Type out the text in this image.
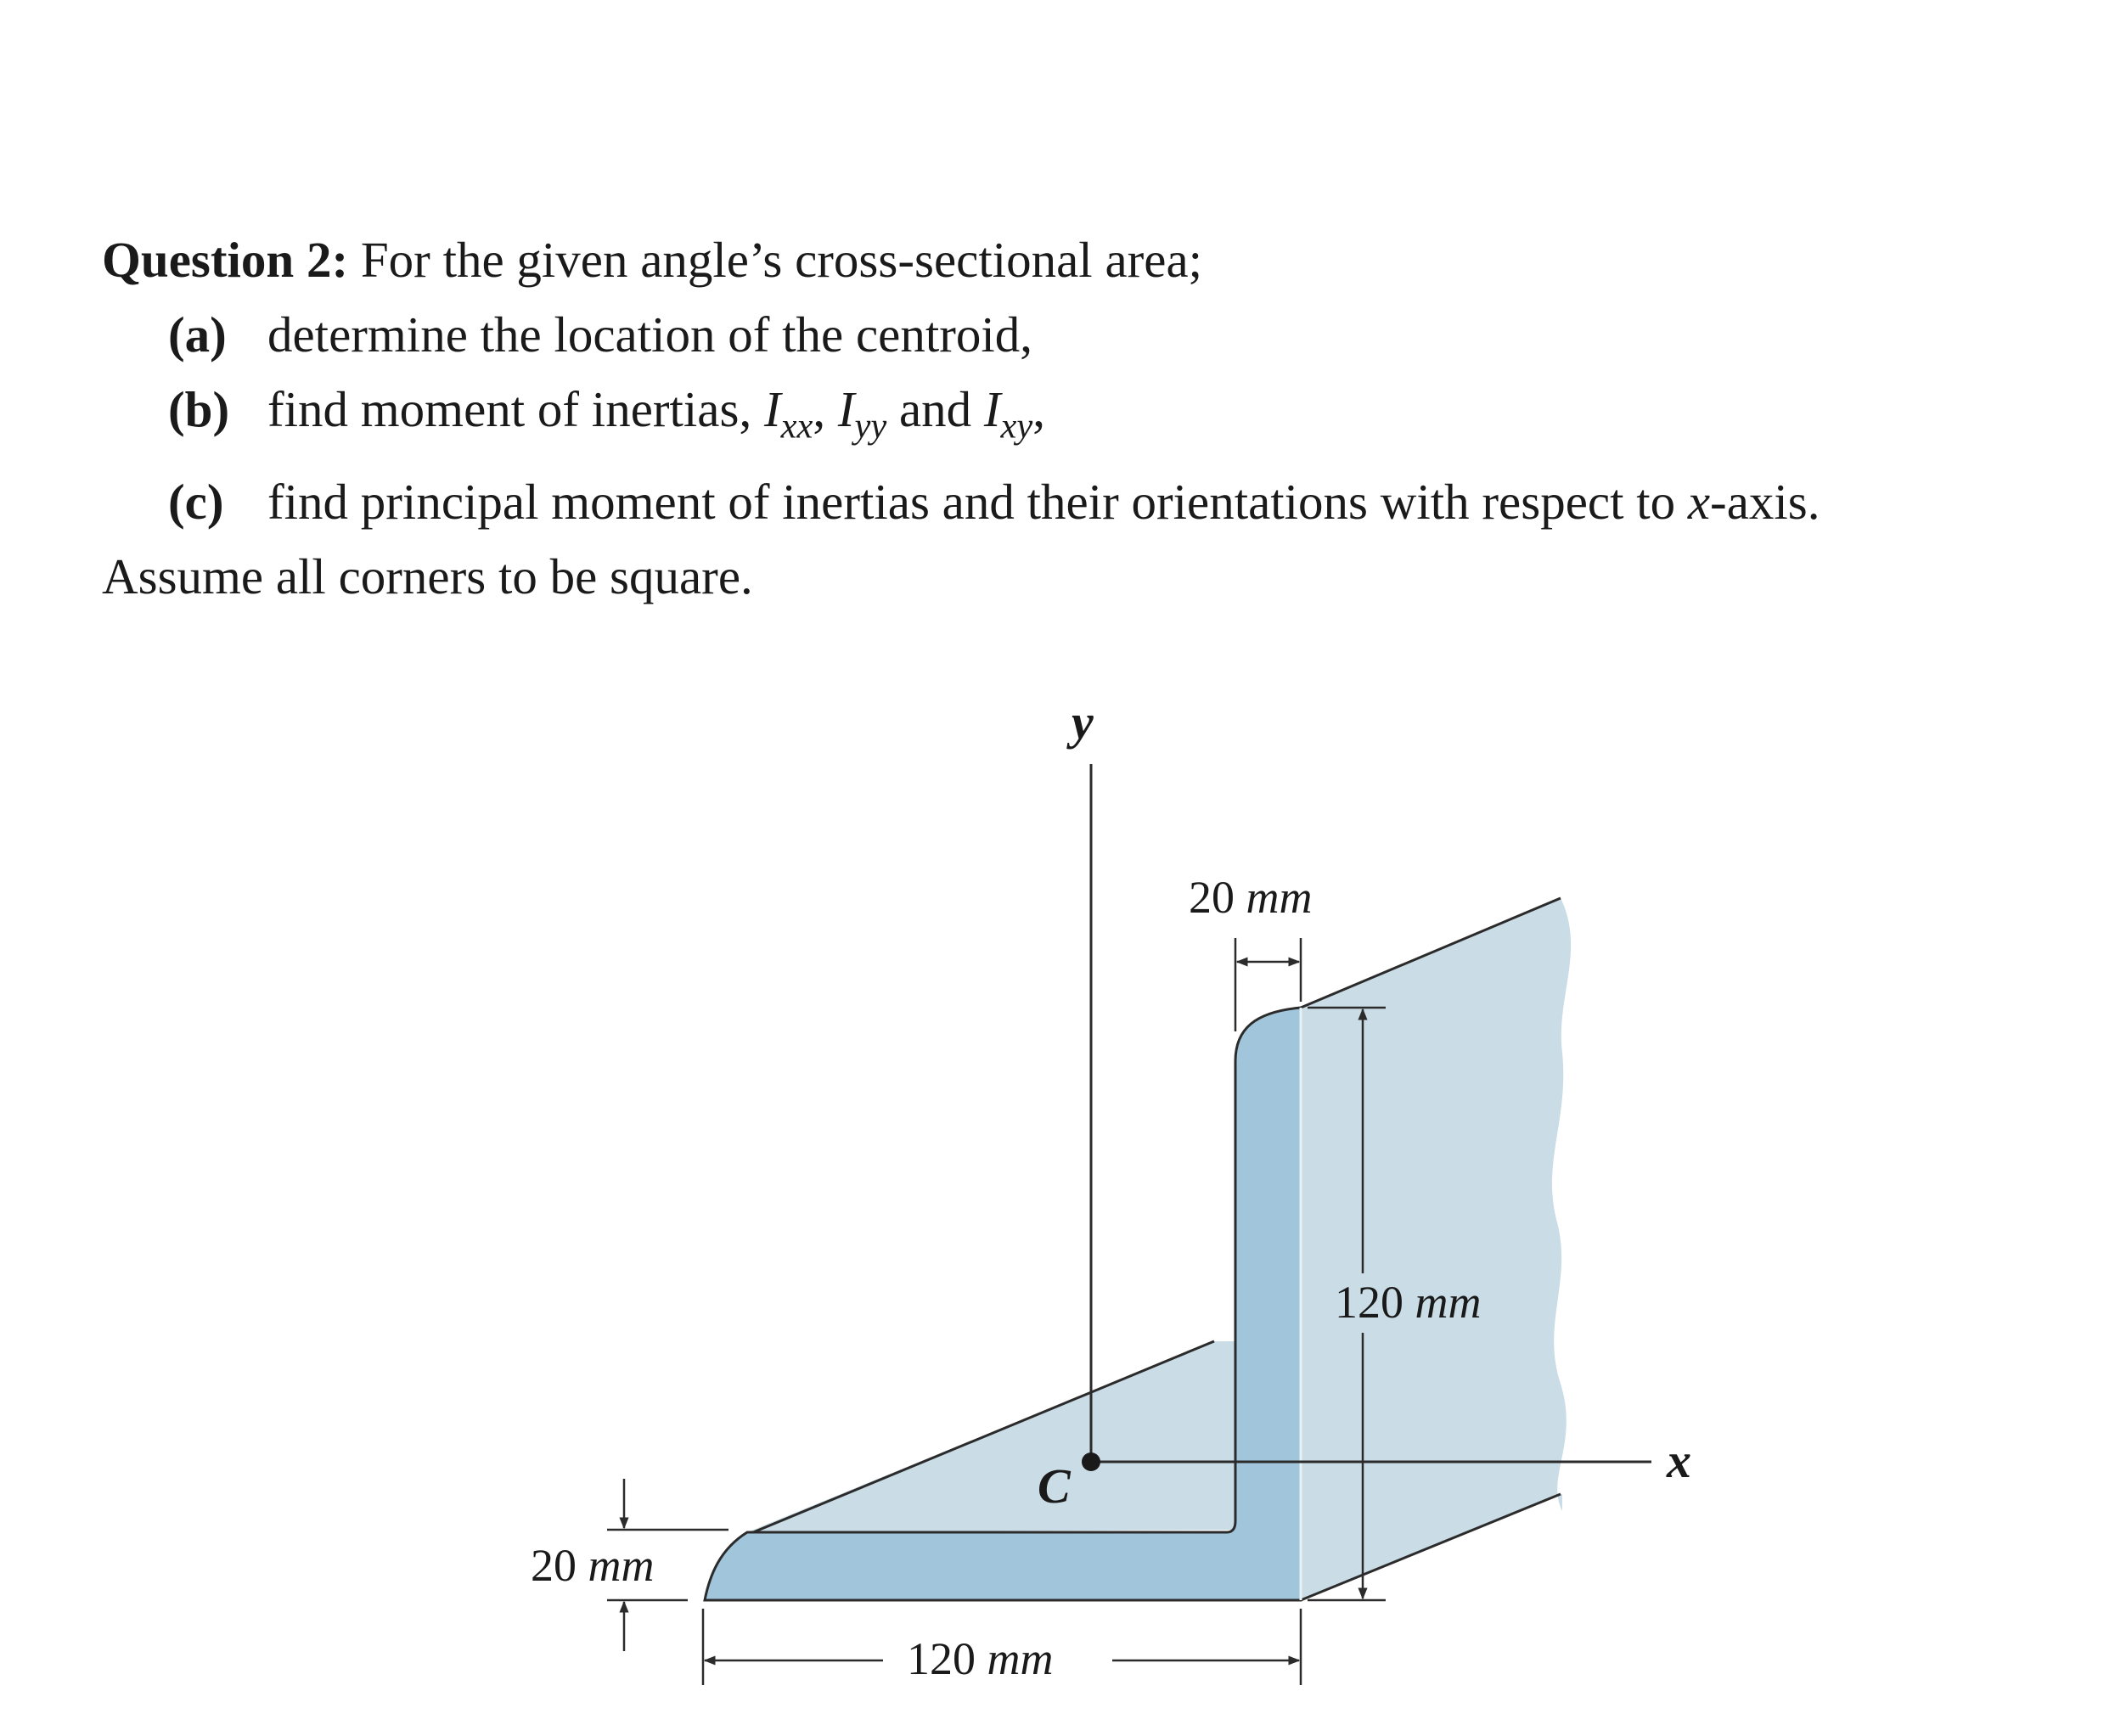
Question 2: For the given angle’s cross-sectional area;
(a) determine the location of the centroid,
(b) find moment of inertias, $I_{xx}$, $I_{yy}$ and $I_{xy}$,
(c) find principal moment of inertias and their orientations with respect to x-axis.
Assume all corners to be square.
y
x
C
20 mm
120 mm
20 mm
120 mm
